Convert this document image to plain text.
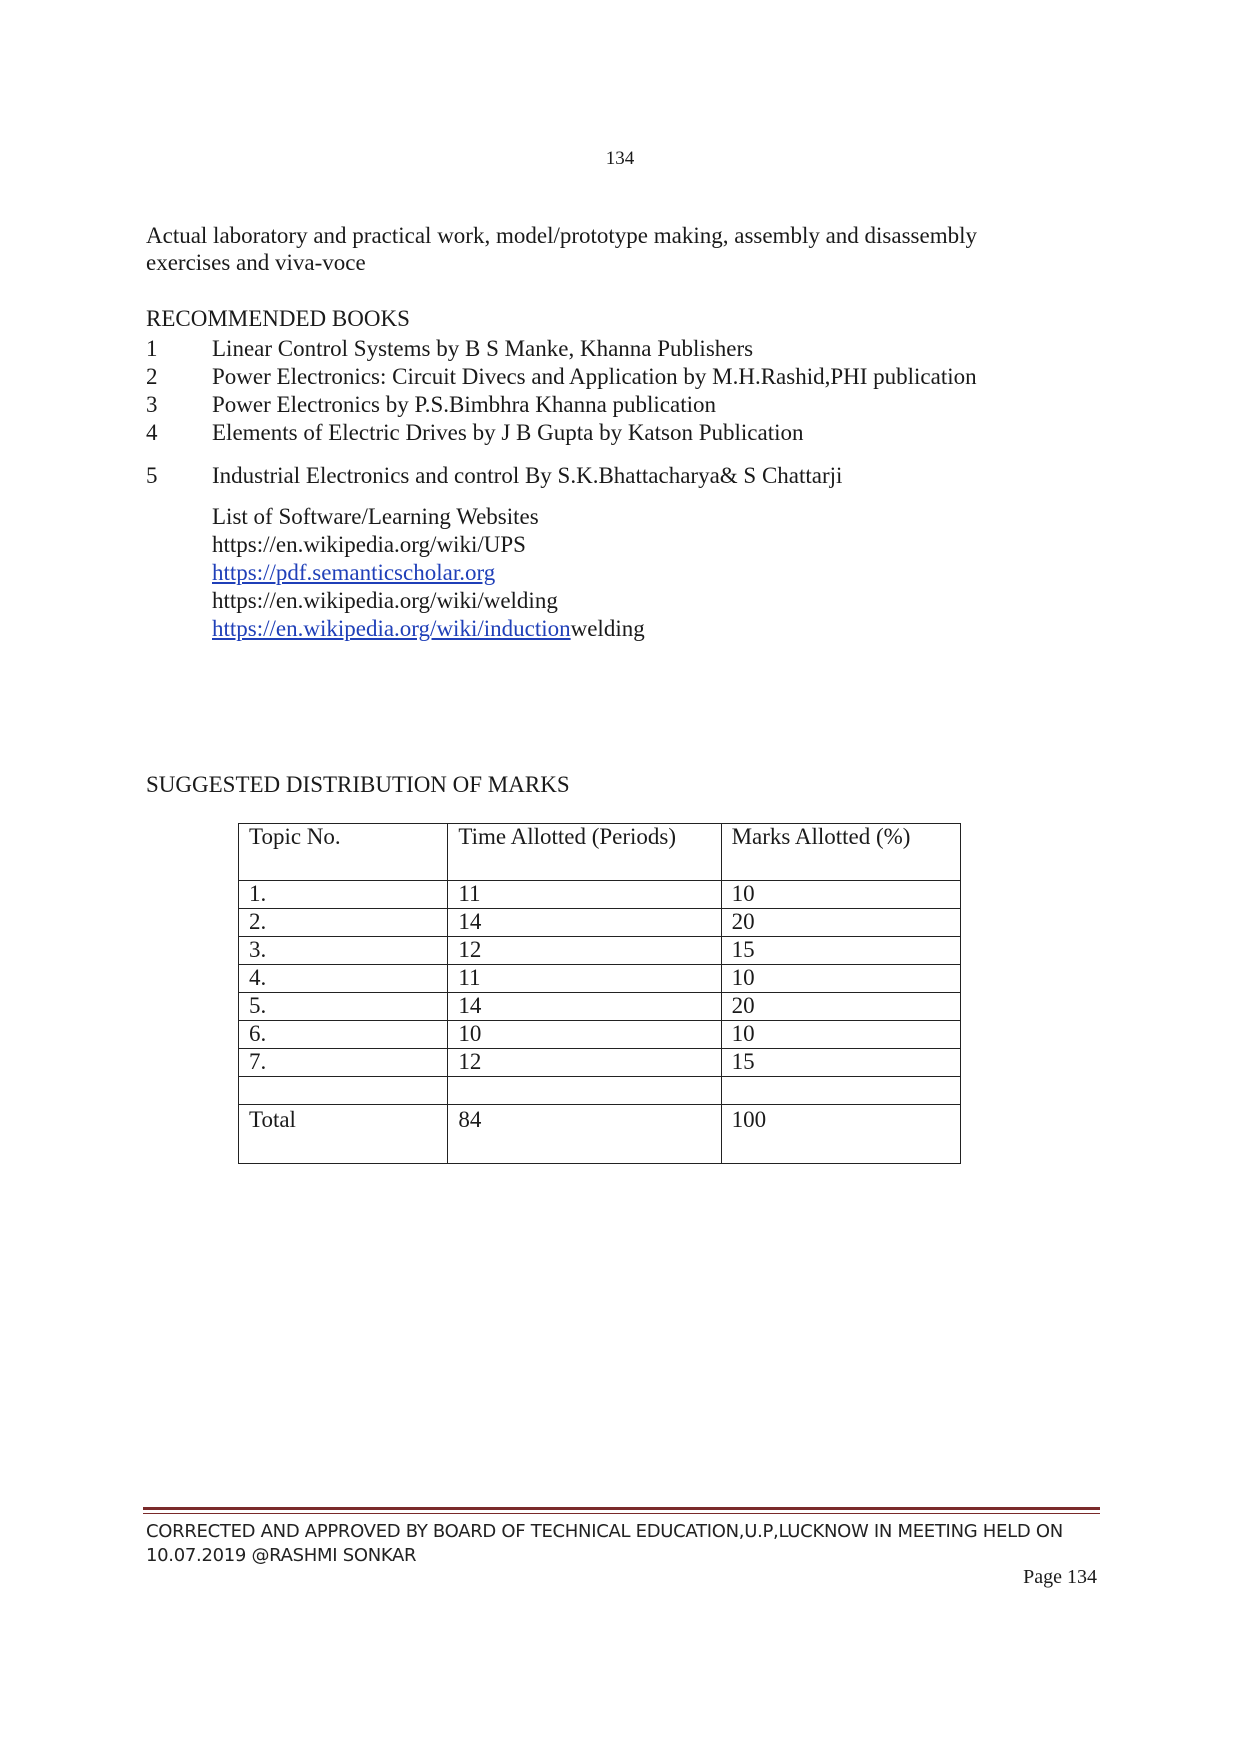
134
Actual laboratory and practical work, model/prototype making, assembly and disassembly exercises and viva-voce
RECOMMENDED BOOKS
1 Linear Control Systems by B S Manke, Khanna Publishers
2 Power Electronics: Circuit Divecs and Application by M.H.Rashid,PHI publication
3 Power Electronics by P.S.Bimbhra Khanna publication
4 Elements of Electric Drives by J B Gupta by Katson Publication
5 Industrial Electronics and control By S.K.Bhattacharya& S Chattarji
List of Software/Learning Websites
https://en.wikipedia.org/wiki/UPS
https://pdf.semanticscholar.org
https://en.wikipedia.org/wiki/welding
https://en.wikipedia.org/wiki/inductionwelding
SUGGESTED DISTRIBUTION OF MARKS
Topic No.	Time Allotted (Periods)	Marks Allotted (%)
1.	11	10
2.	14	20
3.	12	15
4.	11	10
5.	14	20
6.	10	10
7.	12	15

Total	84	100
CORRECTED AND APPROVED BY BOARD OF TECHNICAL EDUCATION,U.P,LUCKNOW IN MEETING HELD ON 10.07.2019 @RASHMI SONKAR
Page 134
